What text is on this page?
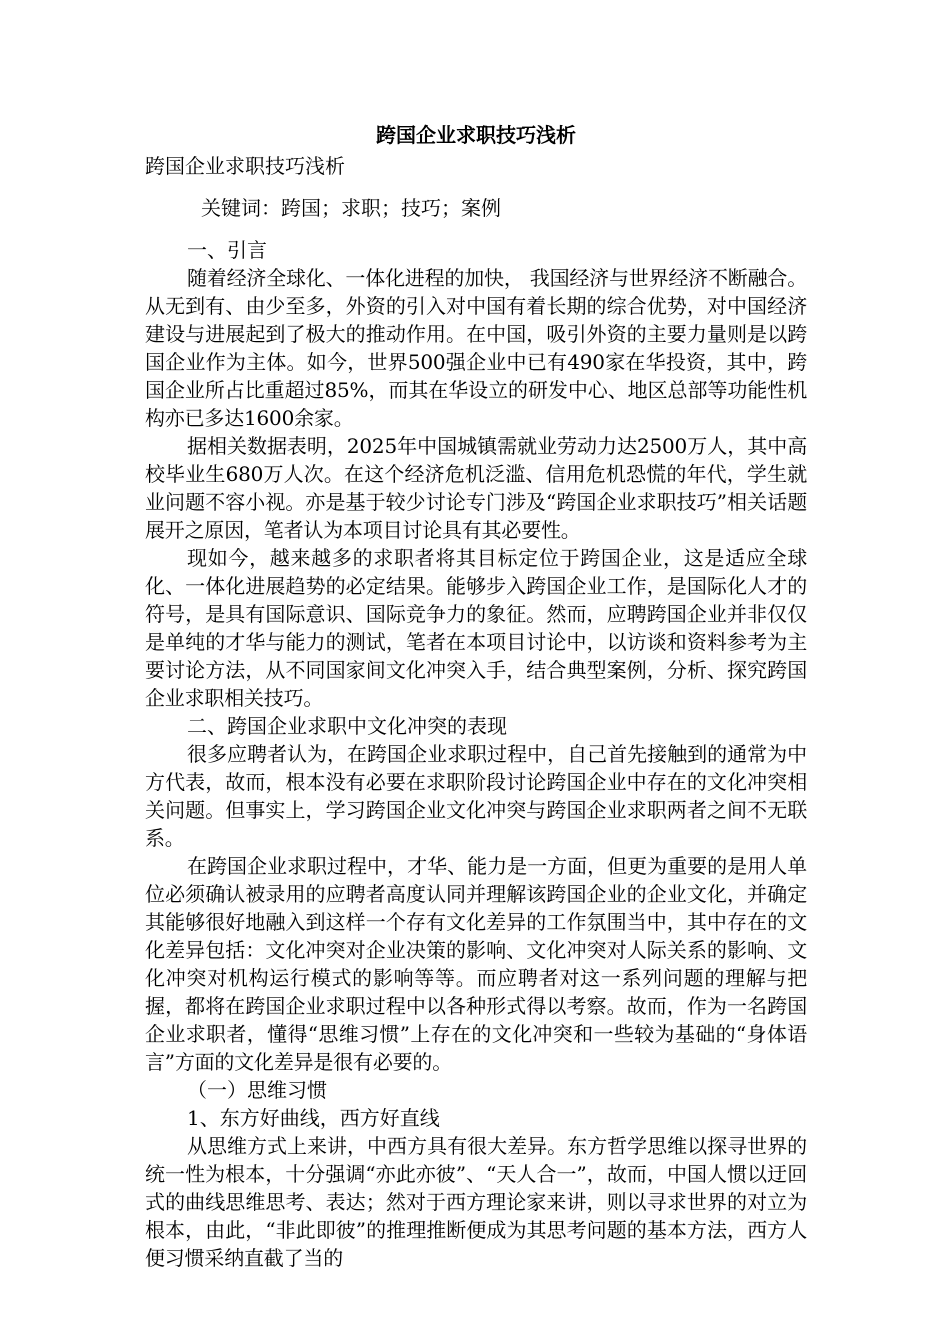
跨国企业求职技巧浅析

跨国企业求职技巧浅析

关键词：跨国；求职；技巧；案例

一、引言

随着经济全球化、一体化进程的加快， 我国经济与世界经济不断融合。从无到有、由少至多，外资的引入对中国有着长期的综合优势，对中国经济建设与进展起到了极大的推动作用。在中国，吸引外资的主要力量则是以跨国企业作为主体。如今，世界500强企业中已有490家在华投资，其中，跨国企业所占比重超过85%，而其在华设立的研发中心、地区总部等功能性机构亦已多达1600余家。

据相关数据表明，2025年中国城镇需就业劳动力达2500万人，其中高校毕业生680万人次。在这个经济危机泛滥、信用危机恐慌的年代，学生就业问题不容小视。亦是基于较少讨论专门涉及“跨国企业求职技巧”相关话题展开之原因，笔者认为本项目讨论具有其必要性。

现如今，越来越多的求职者将其目标定位于跨国企业，这是适应全球化、一体化进展趋势的必定结果。能够步入跨国企业工作，是国际化人才的符号，是具有国际意识、国际竞争力的象征。然而，应聘跨国企业并非仅仅是单纯的才华与能力的测试，笔者在本项目讨论中，以访谈和资料参考为主要讨论方法，从不同国家间文化冲突入手，结合典型案例，分析、探究跨国企业求职相关技巧。

二、跨国企业求职中文化冲突的表现

很多应聘者认为，在跨国企业求职过程中，自己首先接触到的通常为中方代表，故而，根本没有必要在求职阶段讨论跨国企业中存在的文化冲突相关问题。但事实上，学习跨国企业文化冲突与跨国企业求职两者之间不无联系。

在跨国企业求职过程中，才华、能力是一方面，但更为重要的是用人单位必须确认被录用的应聘者高度认同并理解该跨国企业的企业文化，并确定其能够很好地融入到这样一个存有文化差异的工作氛围当中，其中存在的文化差异包括：文化冲突对企业决策的影响、文化冲突对人际关系的影响、文化冲突对机构运行模式的影响等等。而应聘者对这一系列问题的理解与把握，都将在跨国企业求职过程中以各种形式得以考察。故而，作为一名跨国企业求职者，懂得“思维习惯”上存在的文化冲突和一些较为基础的“身体语言”方面的文化差异是很有必要的。

（一）思维习惯

1、东方好曲线，西方好直线

从思维方式上来讲，中西方具有很大差异。东方哲学思维以探寻世界的统一性为根本，十分强调“亦此亦彼”、“天人合一”，故而，中国人惯以迂回式的曲线思维思考、表达；然对于西方理论家来讲，则以寻求世界的对立为根本，由此，“非此即彼”的推理推断便成为其思考问题的基本方法，西方人便习惯采纳直截了当的
